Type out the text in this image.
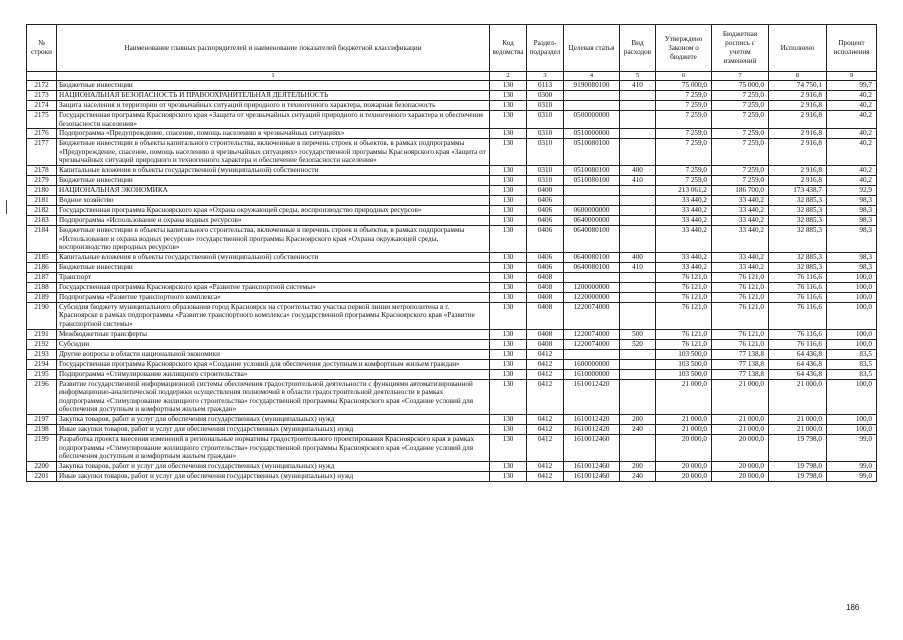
№ строки	Наименование главных распорядителей и наименование показателей бюджетной классификации	Код ведомства	Раздел-подраздел	Целевая статья	Вид расходов	Утверждено Законом о бюджете	Бюджетная роспись с учетом изменений	Исполнено	Процент исполнения
	1	2	3	4	5	6	7	8	9
2172	Бюджетные инвестиции	130	0113	9190080100	410	75 000,0	75 000,0	74 750,1	99,7
2173	НАЦИОНАЛЬНАЯ БЕЗОПАСНОСТЬ И ПРАВООХРАНИТЕЛЬНАЯ ДЕЯТЕЛЬНОСТЬ	130	0300			7 259,0	7 259,0	2 916,8	40,2
2174	Защита населения и территории от чрезвычайных ситуаций природного и техногенного характера, пожарная безопасность	130	0310			7 259,0	7 259,0	2 916,8	40,2
2175	Государственная программа Красноярского края «Защита от чрезвычайных ситуаций природного и техногенного характера и обеспечение безопасности населения»	130	0310	0500000000		7 259,0	7 259,0	2 916,8	40,2
2176	Подпрограмма «Предупреждение, спасение, помощь населению в чрезвычайных ситуациях»	130	0310	0510000000		7 259,0	7 259,0	2 916,8	40,2
2177	Бюджетные инвестиции в объекты капитального строительства, включенные в перечень строек и объектов, в рамках подпрограммы «Предупреждение, спасение, помощь населению в чрезвычайных ситуациях» государственной программы Красноярского края «Защита от чрезвычайных ситуаций природного и техногенного характера и обеспечение безопасности населения»	130	0310	0510080100		7 259,0	7 259,0	2 916,8	40,2
2178	Капитальные вложения в объекты государственной (муниципальной) собственности	130	0310	0510080100	400	7 259,0	7 259,0	2 916,8	40,2
2179	Бюджетные инвестиции	130	0310	0510080100	410	7 259,0	7 259,0	2 916,8	40,2
2180	НАЦИОНАЛЬНАЯ ЭКОНОМИКА	130	0400			213 061,2	186 700,0	173 438,7	92,9
2181	Водное хозяйство	130	0406			33 440,2	33 440,2	32 885,3	98,3
2182	Государственная программа Красноярского края «Охрана окружающей среды, воспроизводство природных ресурсов»	130	0406	0600000000		33 440,2	33 440,2	32 885,3	98,3
2183	Подпрограмма «Использование и охрана водных ресурсов»	130	0406	0640000000		33 440,2	33 440,2	32 885,3	98,3
2184	Бюджетные инвестиции в объекты капитального строительства, включенные в перечень строек и объектов, в рамках подпрограммы «Использование и охрана водных ресурсов» государственной программы Красноярского края «Охрана окружающей среды, воспроизводство природных ресурсов»	130	0406	0640080100		33 440,2	33 440,2	32 885,3	98,3
2185	Капитальные вложения в объекты государственной (муниципальной) собственности	130	0406	0640080100	400	33 440,2	33 440,2	32 885,3	98,3
2186	Бюджетные инвестиции	130	0406	0640080100	410	33 440,2	33 440,2	32 885,3	98,3
2187	Транспорт	130	0408			76 121,0	76 121,0	76 116,6	100,0
2188	Государственная программа Красноярского края «Развитие транспортной системы»	130	0408	1200000000		76 121,0	76 121,0	76 116,6	100,0
2189	Подпрограмма «Развитие транспортного комплекса»	130	0408	1220000000		76 121,0	76 121,0	76 116,6	100,0
2190	Субсидия бюджету муниципального образования город Красноярск на строительство участка первой линии метрополитена в г. Красноярске в рамках подпрограммы «Развитие транспортного комплекса» государственной программы Красноярского края «Развитие транспортной системы»	130	0408	1220074000		76 121,0	76 121,0	76 116,6	100,0
2191	Межбюджетные трансферты	130	0408	1220074000	500	76 121,0	76 121,0	76 116,6	100,0
2192	Субсидии	130	0408	1220074000	520	76 121,0	76 121,0	76 116,6	100,0
2193	Другие вопросы в области национальной экономики	130	0412			103 500,0	77 138,8	64 436,8	83,5
2194	Государственная программа Красноярского края «Создание условий для обеспечения доступным и комфортным жильем граждан»	130	0412	1600000000		103 500,0	77 138,8	64 436,8	83,5
2195	Подпрограмма «Стимулирование жилищного строительства»	130	0412	1610000000		103 500,0	77 138,8	64 436,8	83,5
2196	Развитие государственной информационной системы обеспечения градостроительной деятельности с функциями автоматизированной информационно-аналитической поддержки осуществления полномочий в области градостроительной деятельности в рамках подпрограммы «Стимулирование жилищного строительства» государственной программы Красноярского края «Создание условий для обеспечения доступным и комфортным жильем граждан»	130	0412	1610012420		21 000,0	21 000,0	21 000,0	100,0
2197	Закупка товаров, работ и услуг для обеспечения государственных (муниципальных) нужд	130	0412	1610012420	200	21 000,0	21 000,0	21 000,0	100,0
2198	Иные закупки товаров, работ и услуг для обеспечения государственных (муниципальных) нужд	130	0412	1610012420	240	21 000,0	21 000,0	21 000,0	100,0
2199	Разработка проекта внесения изменений в региональные нормативы градостроительного проектирования Красноярского края в рамках подпрограммы «Стимулирование жилищного строительства» государственной программы Красноярского края «Создание условий для обеспечения доступным и комфортным жильем граждан»	130	0412	1610012460		20 000,0	20 000,0	19 798,0	99,0
2200	Закупка товаров, работ и услуг для обеспечения государственных (муниципальных) нужд	130	0412	1610012460	200	20 000,0	20 000,0	19 798,0	99,0
2201	Иные закупки товаров, работ и услуг для обеспечения государственных (муниципальных) нужд	130	0412	1610012460	240	20 000,0	20 000,0	19 798,0	99,0
186
